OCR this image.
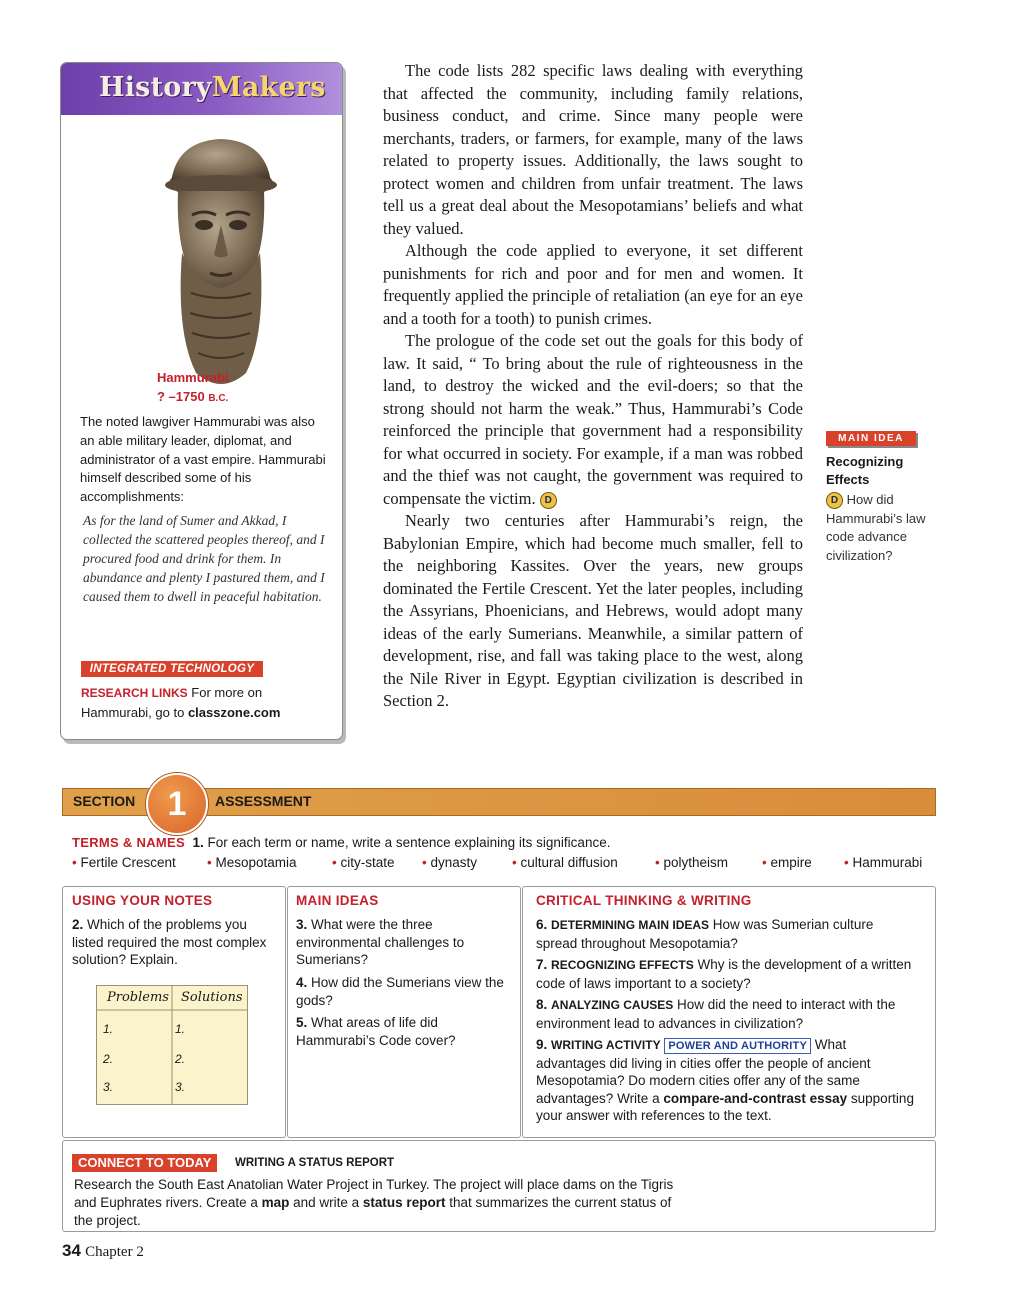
HistoryMakers
Hammurabi
? –1750 B.C.

The noted lawgiver Hammurabi was also an able military leader, diplomat, and administrator of a vast empire. Hammurabi himself described some of his accomplishments:

As for the land of Sumer and Akkad, I collected the scattered peoples thereof, and I procured food and drink for them. In abundance and plenty I pastured them, and I caused them to dwell in peaceful habitation.

INTEGRATED TECHNOLOGY
RESEARCH LINKS For more on Hammurabi, go to classzone.com

The code lists 282 specific laws dealing with everything that affected the community, including family relations, business conduct, and crime. Since many people were merchants, traders, or farmers, for example, many of the laws related to property issues. Additionally, the laws sought to protect women and children from unfair treatment. The laws tell us a great deal about the Mesopotamians’ beliefs and what they valued.

Although the code applied to everyone, it set different punishments for rich and poor and for men and women. It frequently applied the principle of retaliation (an eye for an eye and a tooth for a tooth) to punish crimes.

The prologue of the code set out the goals for this body of law. It said, “ To bring about the rule of righteousness in the land, to destroy the wicked and the evil-doers; so that the strong should not harm the weak.” Thus, Hammurabi’s Code reinforced the principle that government had a responsibility for what occurred in society. For example, if a man was robbed and the thief was not caught, the government was required to compensate the victim. D

Nearly two centuries after Hammurabi’s reign, the Babylonian Empire, which had become much smaller, fell to the neighboring Kassites. Over the years, new groups dominated the Fertile Crescent. Yet the later peoples, including the Assyrians, Phoenicians, and Hebrews, would adopt many ideas of the early Sumerians. Meanwhile, a similar pattern of development, rise, and fall was taking place to the west, along the Nile River in Egypt. Egyptian civilization is described in Section 2.

MAIN IDEA
Recognizing Effects
D How did Hammurabi’s law code advance civilization?
SECTION 1	ASSESSMENT
TERMS & NAMES 1. For each term or name, write a sentence explaining its significance.
• Fertile Crescent • Mesopotamia	• city-state • dynasty	• cultural diffusion	• polytheism	• empire • Hammurabi
USING YOUR NOTES

2. Which of the problems you listed required the most complex solution? Explain.

Problems Solutions
1.	1.
2.	2.
3.	3.
MAIN IDEAS

3. What were the three environmental challenges to Sumerians?

4. How did the Sumerians view the gods?

5. What areas of life did Hammurabi’s Code cover?

CRITICAL THINKING & WRITING

6. DETERMINING MAIN IDEAS How was Sumerian culture spread throughout Mesopotamia?

7. RECOGNIZING EFFECTS Why is the development of a written code of laws important to a society?

8. ANALYZING CAUSES How did the need to interact with the environment lead to advances in civilization?

9. WRITING ACTIVITY POWER AND AUTHORITY What advantages did living in cities offer the people of ancient Mesopotamia? Do modern cities offer any of the same advantages? Write a compare-and-contrast essay supporting your answer with references to the text.

CONNECT TO TODAY	WRITING A STATUS REPORT

Research the South East Anatolian Water Project in Turkey. The project will place dams on the Tigris and Euphrates rivers. Create a map and write a status report that summarizes the current status of the project.

34 Chapter 2
